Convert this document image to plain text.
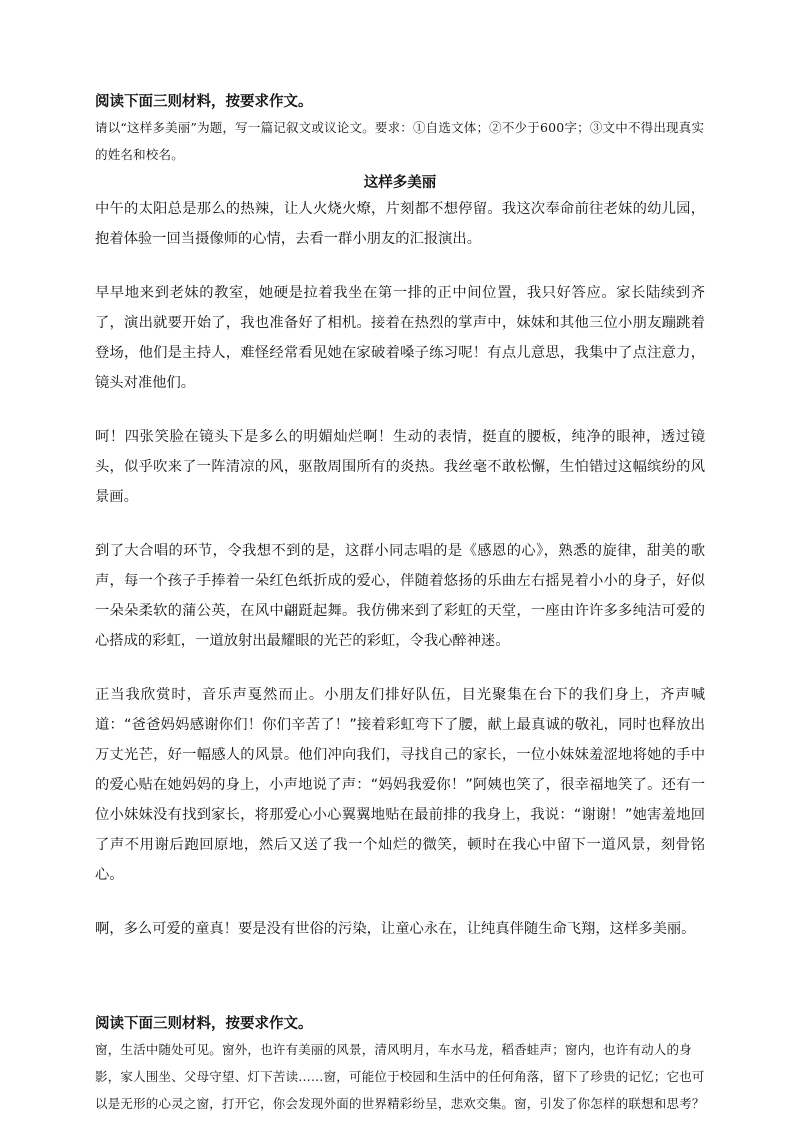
阅读下面三则材料，按要求作文。

请以“这样多美丽”为题，写一篇记叙文或议论文。要求：①自选文体；②不少于600字；③文中不得出现真实的姓名和校名。

这样多美丽

中午的太阳总是那么的热辣，让人火烧火燎，片刻都不想停留。我这次奉命前往老妹的幼儿园，抱着体验一回当摄像师的心情，去看一群小朋友的汇报演出。

早早地来到老妹的教室，她硬是拉着我坐在第一排的正中间位置，我只好答应。家长陆续到齐了，演出就要开始了，我也准备好了相机。接着在热烈的掌声中，妹妹和其他三位小朋友蹦跳着登场，他们是主持人，难怪经常看见她在家破着嗓子练习呢！有点儿意思，我集中了点注意力，镜头对准他们。

呵！四张笑脸在镜头下是多么的明媚灿烂啊！生动的表情，挺直的腰板，纯净的眼神，透过镜头，似乎吹来了一阵清凉的风，驱散周围所有的炎热。我丝毫不敢松懈，生怕错过这幅缤纷的风景画。

到了大合唱的环节，令我想不到的是，这群小同志唱的是《感恩的心》，熟悉的旋律，甜美的歌声，每一个孩子手捧着一朵红色纸折成的爱心，伴随着悠扬的乐曲左右摇晃着小小的身子，好似一朵朵柔软的蒲公英，在风中翩跹起舞。我仿佛来到了彩虹的天堂，一座由许许多多纯洁可爱的心搭成的彩虹，一道放射出最耀眼的光芒的彩虹，令我心醉神迷。

正当我欣赏时，音乐声戛然而止。小朋友们排好队伍，目光聚集在台下的我们身上，齐声喊道：“爸爸妈妈感谢你们！你们辛苦了！”接着彩虹弯下了腰，献上最真诚的敬礼，同时也释放出万丈光芒，好一幅感人的风景。他们冲向我们，寻找自己的家长，一位小妹妹羞涩地将她的手中的爱心贴在她妈妈的身上，小声地说了声：“妈妈我爱你！”阿姨也笑了，很幸福地笑了。还有一位小妹妹没有找到家长，将那爱心小心翼翼地贴在最前排的我身上，我说：“谢谢！”她害羞地回了声不用谢后跑回原地，然后又送了我一个灿烂的微笑，顿时在我心中留下一道风景，刻骨铭心。

啊，多么可爱的童真！要是没有世俗的污染，让童心永在，让纯真伴随生命飞翔，这样多美丽。

阅读下面三则材料，按要求作文。

窗，生活中随处可见。窗外，也许有美丽的风景，清风明月，车水马龙，稻香蛙声；窗内，也许有动人的身影，家人围坐、父母守望、灯下苦读……窗，可能位于校园和生活中的任何角落，留下了珍贵的记忆；它也可以是无形的心灵之窗，打开它，你会发现外面的世界精彩纷呈，悲欢交集。窗，引发了你怎样的联想和思考？
